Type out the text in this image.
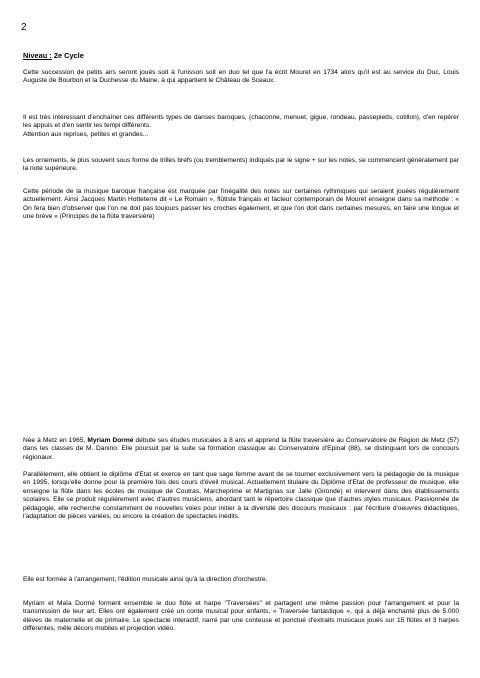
2
Niveau : 2e Cycle

Cette succession de petits airs seront joués soit à l'unisson soit en duo tel que l'a écrit Mouret en 1734 alors qu'il est au service du Duc, Louis Auguste de Bourbon et la Duchesse du Maine, à qui appartient le Château de Sceaux.

Il est très intéressant d'enchaîner ces différents types de danses baroques, (chaconne, menuet, gigue, rondeau, passepieds, cotillon), d'en repérer les appuis et d'en sentir les tempi différents.
Attention aux reprises, petites et grandes...

Les ornements, le plus souvent sous forme de trilles brefs (ou tremblements) indiqués par le signe + sur les notes, se commencent généralement par la note supérieure.

Cette période de la musique baroque française est marquée par l'inégalité des notes sur certaines rythmiques qui seraient jouées régulièrement actuellement. Ainsi Jacques Martin Hotteterre dit « Le Romain », flûtiste français et facteur contemporain de Mouret enseigne dans sa méthode : « On fera bien d'observer que l'on ne doit pas toujours passer les croches également, et que l'on doit dans certaines mesures, en faire une longue et une brève » (Principes de la flûte traversière)

Née à Metz en 1965, Myriam Dormé débute ses études musicales à 8 ans et apprend la flûte traversière au Conservatoire de Région de Metz (57) dans les classes de M. Danino. Elle poursuit par la suite sa formation classique au Conservatoire d'Epinal (88), se distinguant lors de concours régionaux.

Parallèlement, elle obtient le diplôme d'Etat et exerce en tant que sage femme avant de se tourner exclusivement vers la pédagogie de la musique en 1995, lorsqu'elle donne pour la première fois des cours d'éveil musical. Actuellement titulaire du Diplôme d'Etat de professeur de musique, elle enseigne la flûte dans les écoles de musique de Coutras, Marcheprime et Martignas sur Jalle (Gironde) et intervient dans des établissements scolaires. Elle se produit régulièrement avec d'autres musiciens, abordant tant le répertoire classique que d'autres styles musicaux. Passionnée de pédagogie, elle recherche constamment de nouvelles voies pour initier à la diversité des discours musicaux : par l'écriture d'oeuvres didactiques, l'adaptation de pièces variées, ou encore la création de spectacles inédits.

Elle est formée à l'arrangement, l'édition musicale ainsi qu'à la direction d'orchestre.

Myriam et Maïa Dormé forment ensemble le duo flûte et harpe "Traversées" et partagent une même passion pour l'arrangement et pour la transmission de leur art. Elles ont également créé un conte musical pour enfants, « Traversée fantastique », qui a déjà enchanté plus de 5.000 élèves de maternelle et de primaire. Le spectacle interactif, narré par une conteuse et ponctué d'extraits musicaux joués sur 15 flûtes et 3 harpes différentes, mêle décors mobiles et projection vidéo.
